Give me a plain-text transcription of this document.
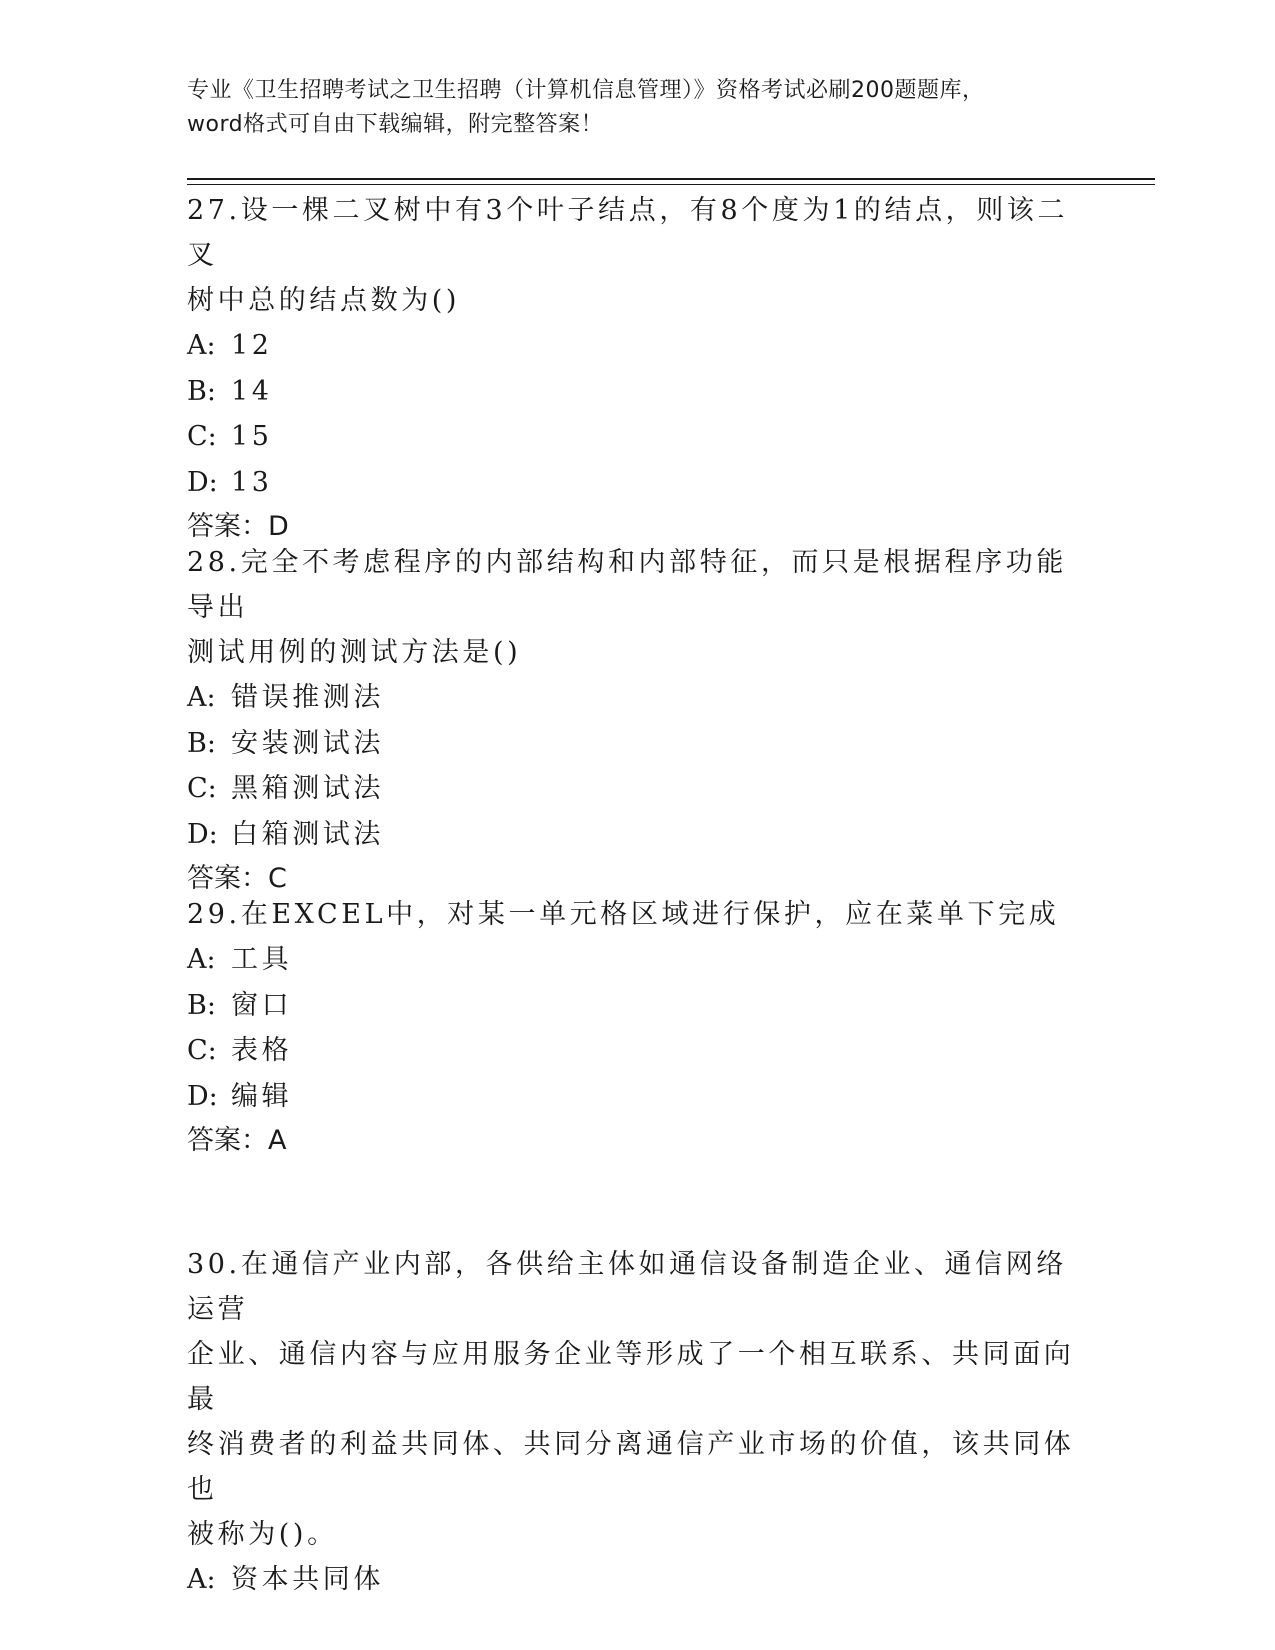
专业《卫生招聘考试之卫生招聘（计算机信息管理）》资格考试必刷200题题库，
word格式可自由下载编辑，附完整答案！

27.设一棵二叉树中有3个叶子结点，有8个度为1的结点，则该二叉

树中总的结点数为()

A: 12

B: 14

C: 15

D: 13

答案：D

28.完全不考虑程序的内部结构和内部特征，而只是根据程序功能导出

测试用例的测试方法是()

A: 错误推测法

B: 安装测试法

C: 黑箱测试法

D: 白箱测试法

答案：C

29.在EXCEL中，对某一单元格区域进行保护，应在菜单下完成

A: 工具

B: 窗口

C: 表格

D: 编辑

答案：A

30.在通信产业内部，各供给主体如通信设备制造企业、通信网络运营

企业、通信内容与应用服务企业等形成了一个相互联系、共同面向最

终消费者的利益共同体、共同分离通信产业市场的价值，该共同体也

被称为()。

A: 资本共同体
